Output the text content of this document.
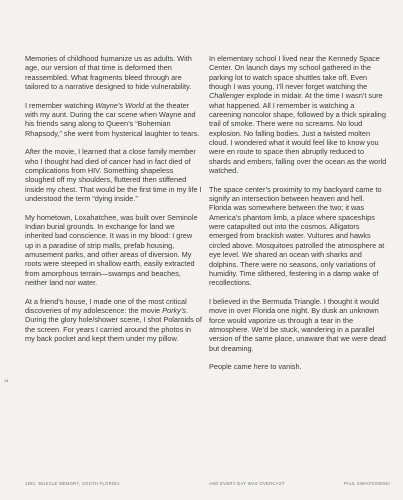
Memories of childhood humanize us as adults. With age, our version of that time is deformed then reassembled. What fragments bleed through are tailored to a narrative designed to hide vulnerability.

I remember watching Wayne’s World at the theater with my aunt. During the car scene when Wayne and his friends sang along to Queen’s “Bohemian Rhapsody,” she went from hysterical laughter to tears.

After the movie, I learned that a close family member who I thought had died of cancer had in fact died of complications from HIV. Something shapeless sloughed off my shoulders, fluttered then stiffened inside my chest. That would be the first time in my life I understood the term “dying inside.”

My hometown, Loxahatchee, was built over Seminole Indian burial grounds. In exchange for land we inherited bad conscience. It was in my blood: I grew up in a paradise of strip malls, prefab housing, amusement parks, and other areas of diversion. My roots were steeped in shallow earth, easily extracted from amorphous terrain—swamps and beaches, neither land nor water.

At a friend’s house, I made one of the most critical discoveries of my adolescence: the movie Porky’s. During the glory hole/shower scene, I shot Polaroids of the screen. For years I carried around the photos in my back pocket and kept them under my pillow.

In elementary school I lived near the Kennedy Space Center. On launch days my school gathered in the parking lot to watch space shuttles take off. Even though I was young, I’ll never forget watching the Challenger explode in midair. At the time I wasn’t sure what happened. All I remember is watching a careening noncolor shape, followed by a thick spiraling trail of smoke. There were no screams. No loud explosion. No falling bodies. Just a twisted molten cloud. I wondered what it would feel like to know you were en route to space then abruptly reduced to shards and embers, falling over the ocean as the world watched.

The space center’s proximity to my backyard came to signify an intersection between heaven and hell. Florida was somewhere between the two; it was America’s phantom limb, a place where spaceships were catapulted out into the cosmos. Alligators emerged from brackish water. Vultures and hawks circled above. Mosquitoes patrolled the atmosphere at eye level. We shared an ocean with sharks and dolphins. There were no seasons, only variations of humidity. Time slithered, festering in a damp wake of recollections.

I believed in the Bermuda Triangle. I thought it would move in over Florida one night. By dusk an unknown force would vaporize us through a tear in the atmosphere. We’d be stuck, wandering in a parallel version of the same place, unaware that we were dead but dreaming.

People came here to vanish.

14
1991: MUSCLE MEMORY, SOUTH FLORIDA	AND EVERY DAY WAS OVERCAST	PAUL KWIATKOWSKI
